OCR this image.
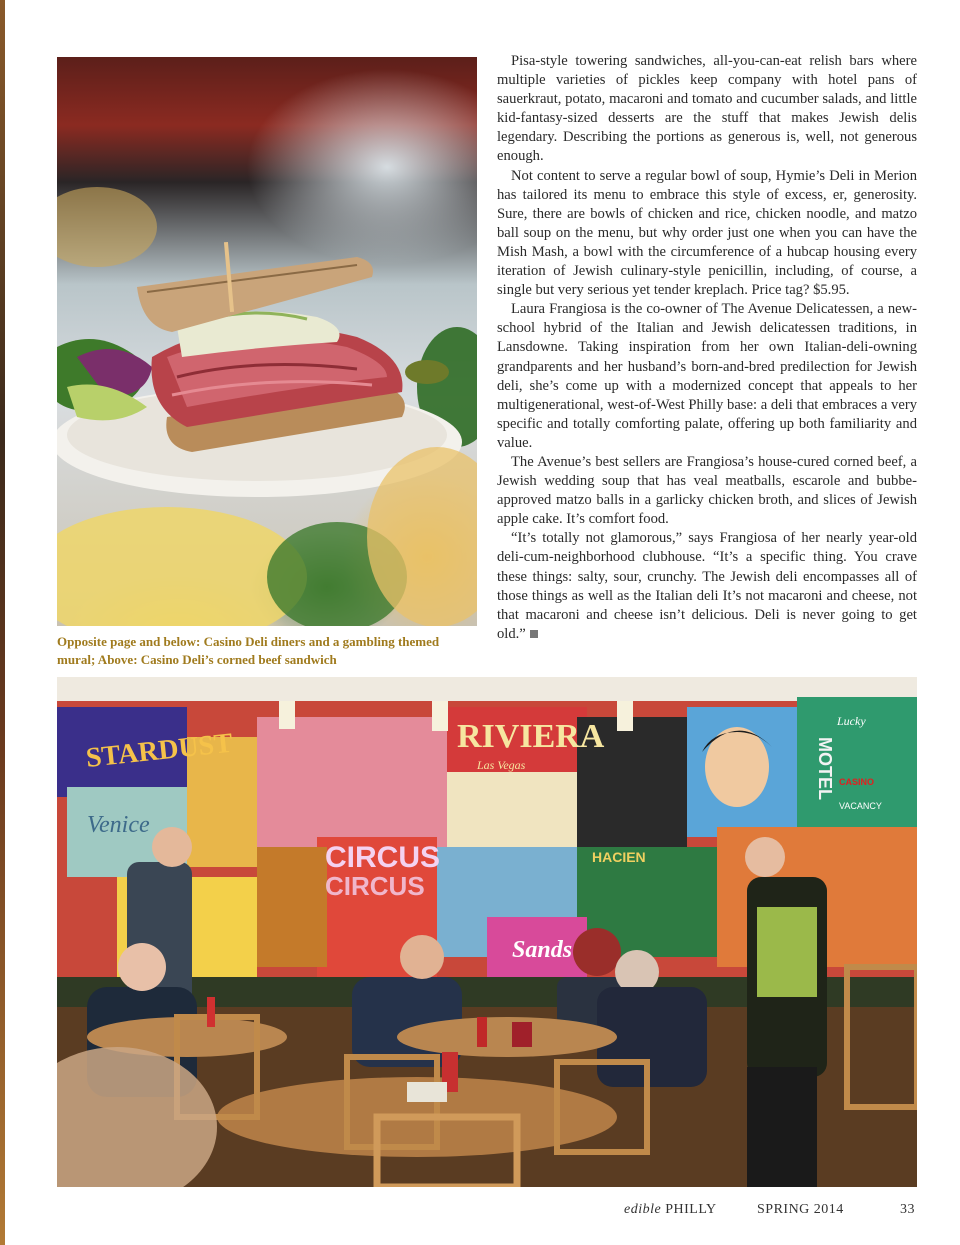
Pisa-style towering sandwiches, all-you-can-eat relish bars where multiple varieties of pickles keep company with hotel pans of sauerkraut, potato, macaroni and tomato and cucumber salads, and little kid-fantasy-sized desserts are the stuff that makes Jewish delis legendary. Describing the portions as generous is, well, not generous enough.

Not content to serve a regular bowl of soup, Hymie’s Deli in Merion has tailored its menu to embrace this style of excess, er, generosity. Sure, there are bowls of chicken and rice, chicken noodle, and matzo ball soup on the menu, but why order just one when you can have the Mish Mash, a bowl with the circumference of a hubcap housing every iteration of Jewish culinary-style penicillin, including, of course, a single but very serious yet tender kreplach. Price tag? $5.95.

Laura Frangiosa is the co-owner of The Avenue Delicatessen, a new-school hybrid of the Italian and Jewish delicatessen traditions, in Lansdowne. Taking inspiration from her own Italian-deli-owning grandparents and her husband’s born-and-bred predilection for Jewish deli, she’s come up with a modernized concept that appeals to her multigenerational, west-of-West Philly base: a deli that embraces a very specific and totally comforting palate, offering up both familiarity and value.

The Avenue’s best sellers are Frangiosa’s house-cured corned beef, a Jewish wedding soup that has veal meatballs, escarole and bubbe-approved matzo balls in a garlicky chicken broth, and slices of Jewish apple cake. It’s comfort food.

“It’s totally not glamorous,” says Frangiosa of her nearly year-old deli-cum-neighborhood clubhouse. “It’s a specific thing. You crave these things: salty, sour, crunchy. The Jewish deli encompasses all of those things as well as the Italian deli It’s not macaroni and cheese, not that macaroni and cheese isn’t delicious. Deli is never going to get old.”

Opposite page and below: Casino Deli diners and a gambling themed mural; Above: Casino Deli’s corned beef sandwich
STARDUST	RIVIERA
Las Vegas
CIRCUS
CIRCUS
Venice
Lucky
MOTEL
VACANCY
CASINO
Sands
HACIEN
edible PHILLY	SPRING 2014	33
